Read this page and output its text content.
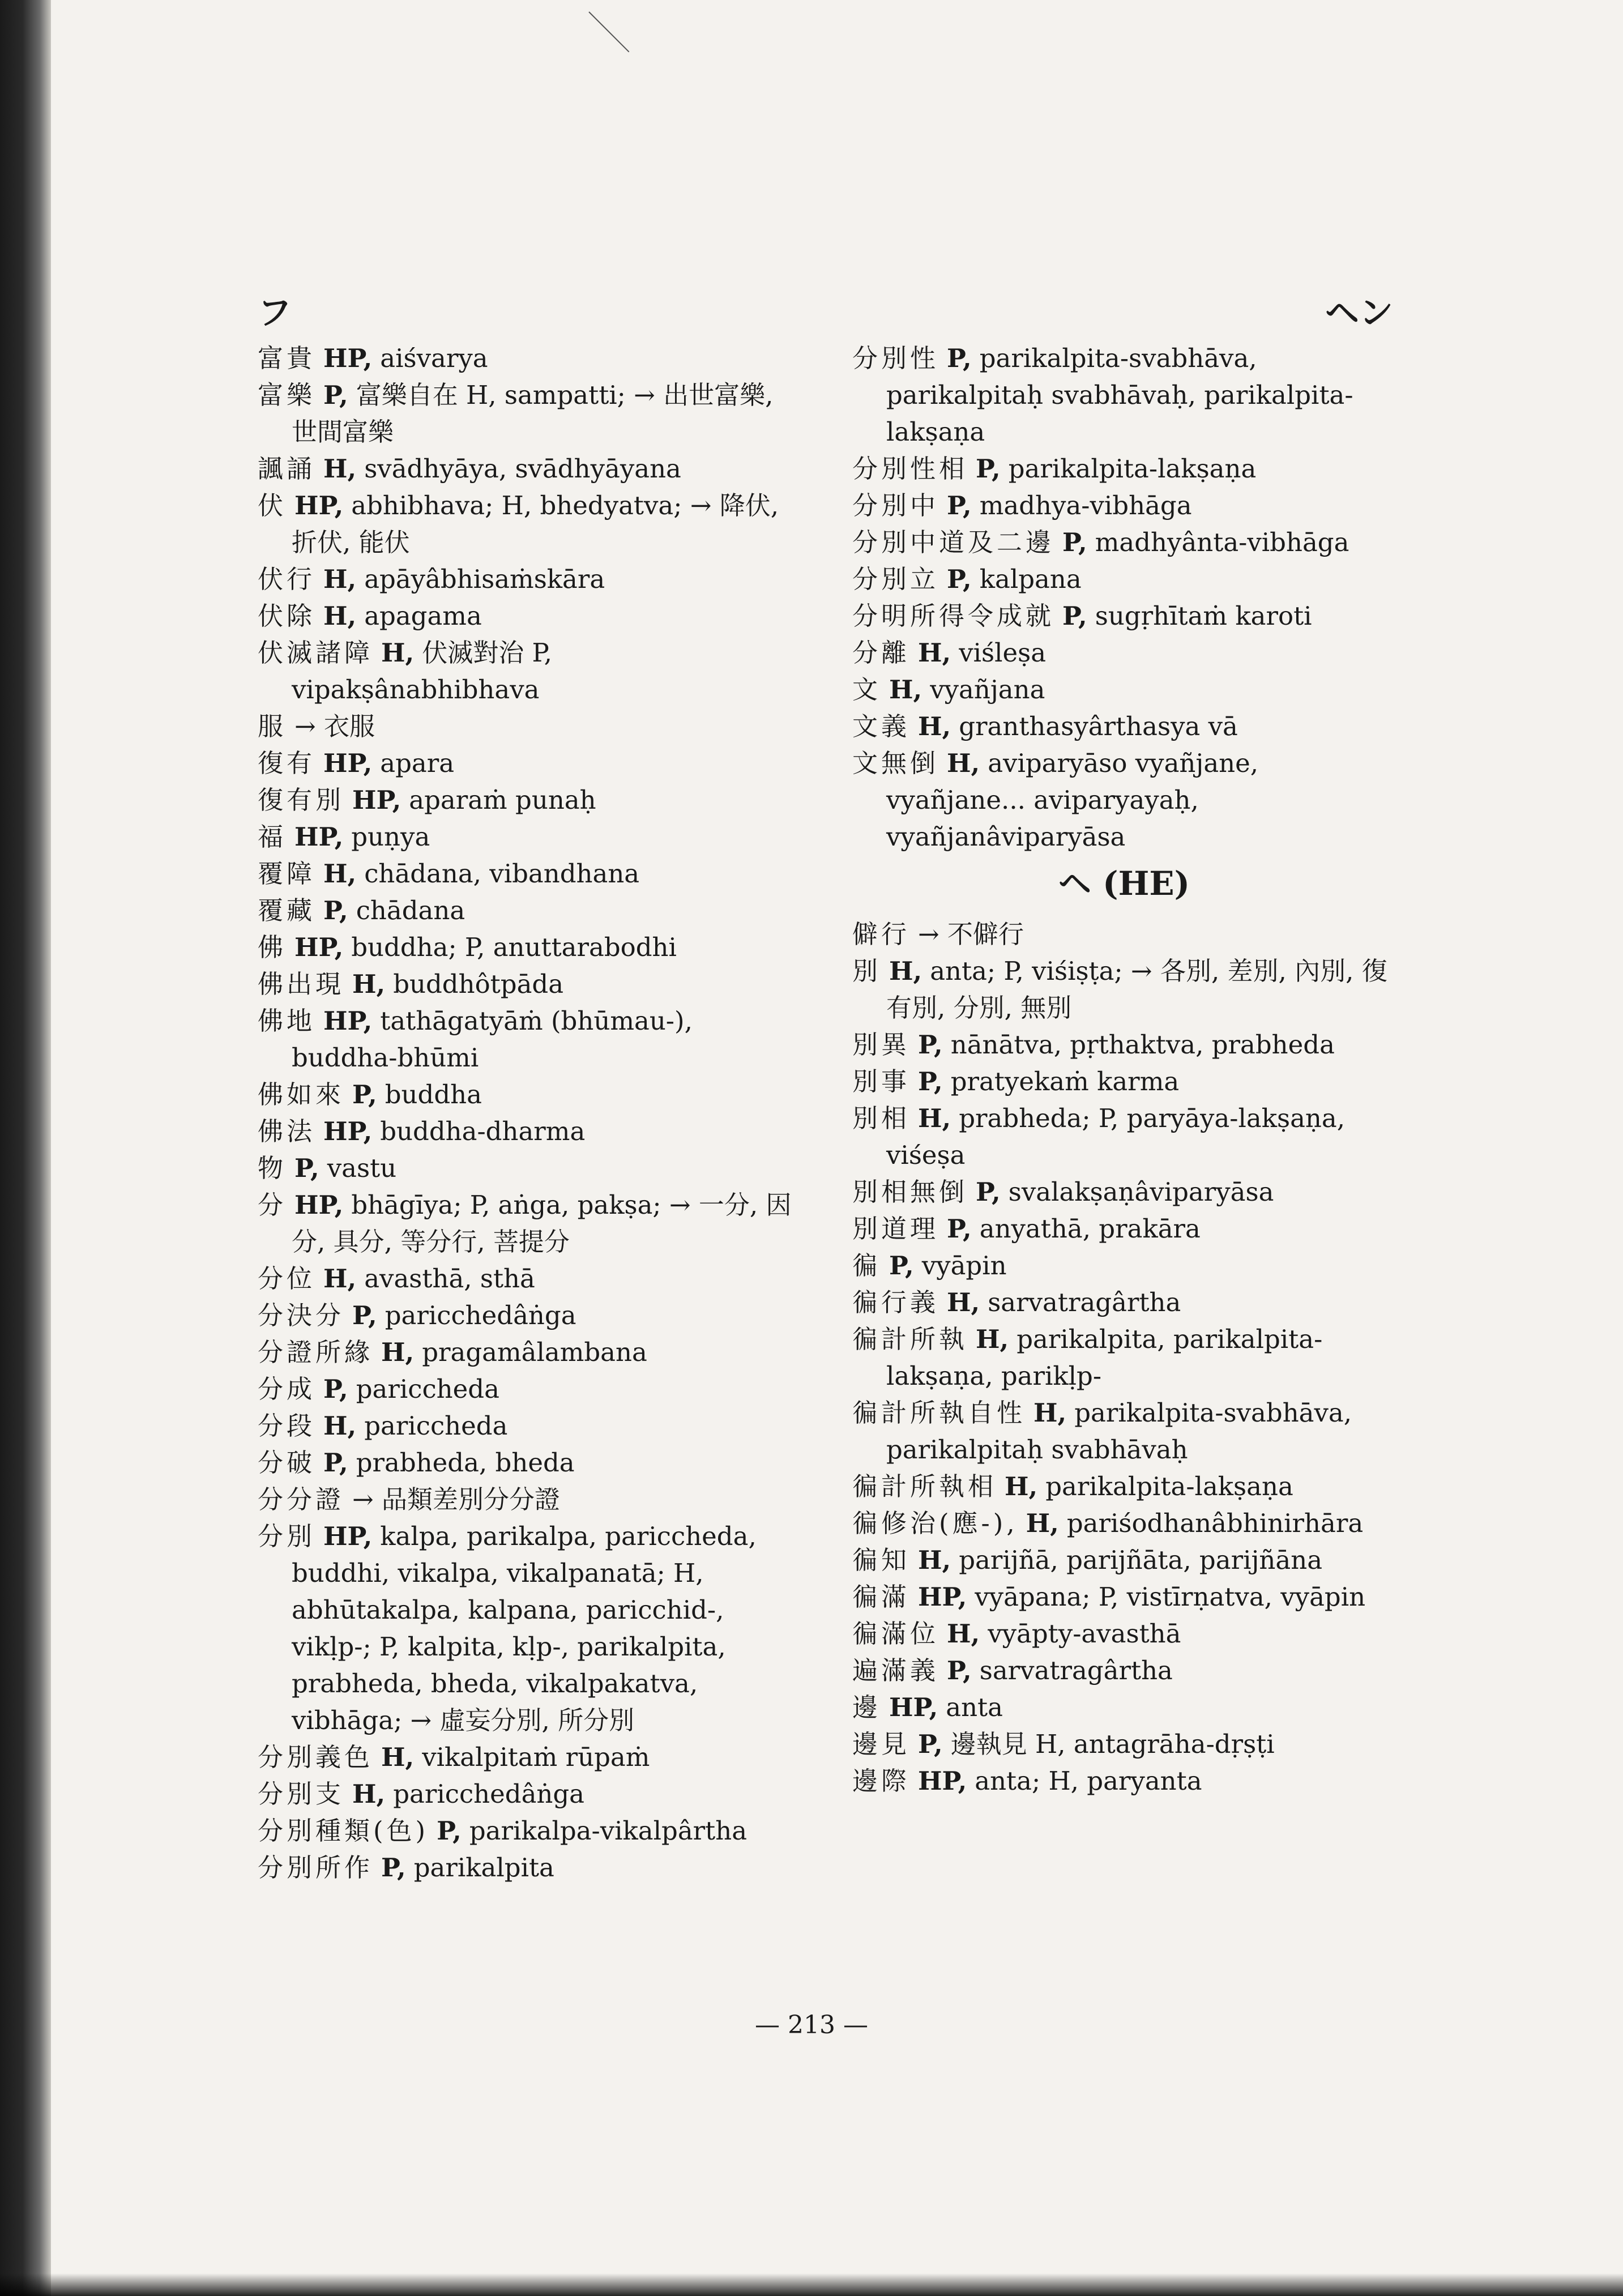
フ	ヘン

富貴 HP, aiśvarya

富樂 P, 富樂自在 H, sampatti; → 出世富樂, 世間富樂

諷誦 H, svādhyāya, svādhyāyana

伏 HP, abhibhava; H, bhedyatva; → 降伏, 折伏, 能伏

伏行 H, apāyâbhisaṁskāra

伏除 H, apagama

伏滅諸障 H, 伏滅對治 P, vipakṣânabhibhava

服 → 衣服

復有 HP, apara

復有別 HP, aparaṁ punaḥ

福 HP, puṇya

覆障 H, chādana, vibandhana

覆藏 P, chādana

佛 HP, buddha; P, anuttarabodhi

佛出現 H, buddhôtpāda

佛地 HP, tathāgatyāṁ (bhūmau-), buddha-bhūmi

佛如來 P, buddha

佛法 HP, buddha-dharma

物 P, vastu

分 HP, bhāgīya; P, aṅga, pakṣa; → 一分, 因分, 具分, 等分行, 菩提分

分位 H, avasthā, sthā

分決分 P, paricchedâṅga

分證所緣 H, pragamâlambana

分成 P, pariccheda

分段 H, pariccheda

分破 P, prabheda, bheda

分分證 → 品類差別分分證

分別 HP, kalpa, parikalpa, pariccheda, buddhi, vikalpa, vikalpanatā; H, abhūtakalpa, kalpana, paricchid-, vikḷp-; P, kalpita, kḷp-, parikalpita, prabheda, bheda, vikalpakatva, vibhāga; → 虛妄分別, 所分別

分別義色 H, vikalpitaṁ rūpaṁ

分別支 H, paricchedâṅga

分別種類(色) P, parikalpa-vikalpârtha

分別所作 P, parikalpita

分別性 P, parikalpita-svabhāva, parikalpitaḥ svabhāvaḥ, parikalpita-lakṣaṇa

分別性相 P, parikalpita-lakṣaṇa

分別中 P, madhya-vibhāga

分別中道及二邊 P, madhyânta-vibhāga

分別立 P, kalpana

分明所得令成就 P, sugṛhītaṁ karoti

分離 H, viśleṣa

文 H, vyañjana

文義 H, granthasyârthasya vā

文無倒 H, aviparyāso vyañjane, vyañjane... aviparyayaḥ, vyañjanâviparyāsa

ヘ (HE)

僻行 → 不僻行

別 H, anta; P, viśiṣṭa; → 各別, 差別, 內別, 復有別, 分別, 無別

別異 P, nānātva, pṛthaktva, prabheda

別事 P, pratyekaṁ karma

別相 H, prabheda; P, paryāya-lakṣaṇa, viśeṣa

別相無倒 P, svalakṣaṇâviparyāsa

別道理 P, anyathā, prakāra

徧 P, vyāpin

徧行義 H, sarvatragârtha

徧計所執 H, parikalpita, parikalpita-lakṣaṇa, parikḷp-

徧計所執自性 H, parikalpita-svabhāva, parikalpitaḥ svabhāvaḥ

徧計所執相 H, parikalpita-lakṣaṇa

徧修治(應-), H, pariśodhanâbhinirhāra

徧知 H, parijñā, parijñāta, parijñāna

徧滿 HP, vyāpana; P, vistīrṇatva, vyāpin

徧滿位 H, vyāpty-avasthā

遍滿義 P, sarvatragârtha

邊 HP, anta

邊見 P, 邊執見 H, antagrāha-dṛṣṭi

邊際 HP, anta; H, paryanta

— 213 —
